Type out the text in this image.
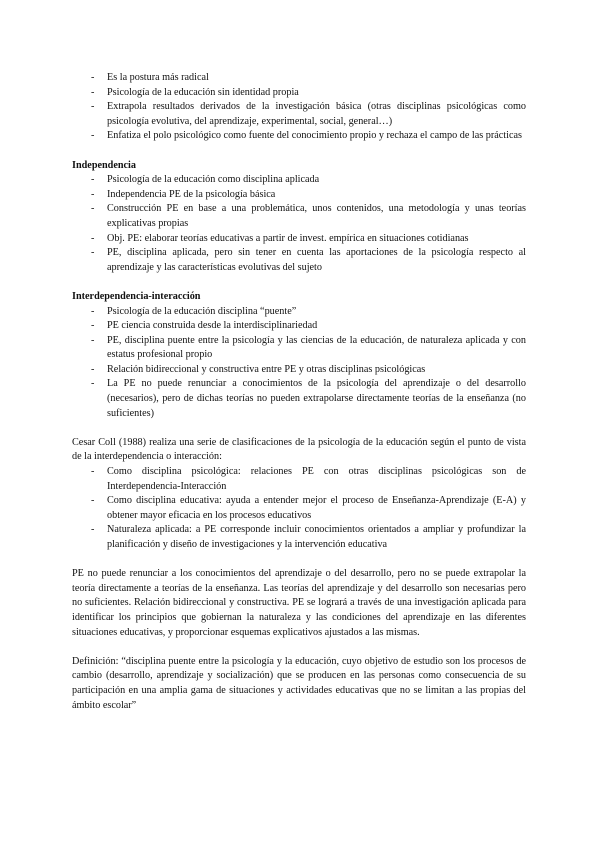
- Es la postura más radical
- Psicología de la educación sin identidad propia
- Extrapola resultados derivados de la investigación básica (otras disciplinas psicológicas como psicología evolutiva, del aprendizaje, experimental, social, general…)
- Enfatiza el polo psicológico como fuente del conocimiento propio y rechaza el campo de las prácticas

Independencia

- Psicología de la educación como disciplina aplicada
- Independencia PE de la psicología básica
- Construcción PE en base a una problemática, unos contenidos, una metodología y unas teorías explicativas propias
- Obj. PE: elaborar teorías educativas a partir de invest. empírica en situaciones cotidianas
- PE, disciplina aplicada, pero sin tener en cuenta las aportaciones de la psicología respecto al aprendizaje y las características evolutivas del sujeto

Interdependencia-interacción

- Psicología de la educación disciplina “puente”
- PE ciencia construida desde la interdisciplinariedad
- PE, disciplina puente entre la psicología y las ciencias de la educación, de naturaleza aplicada y con estatus profesional propio
- Relación bidireccional y constructiva entre PE y otras disciplinas psicológicas
- La PE no puede renunciar a conocimientos de la psicología del aprendizaje o del desarrollo (necesarios), pero de dichas teorías no pueden extrapolarse directamente teorías de la enseñanza (no suficientes)

Cesar Coll (1988) realiza una serie de clasificaciones de la psicología de la educación según el punto de vista de la interdependencia o interacción:

- Como disciplina psicológica: relaciones PE con otras disciplinas psicológicas son de Interdependencia-Interacción
- Como disciplina educativa: ayuda a entender mejor el proceso de Enseñanza-Aprendizaje (E-A) y obtener mayor eficacia en los procesos educativos
- Naturaleza aplicada: a PE corresponde incluir conocimientos orientados a ampliar y profundizar la planificación y diseño de investigaciones y la intervención educativa

PE no puede renunciar a los conocimientos del aprendizaje o del desarrollo, pero no se puede extrapolar la teoría directamente a teorías de la enseñanza. Las teorías del aprendizaje y del desarrollo son necesarias pero no suficientes. Relación bidireccional y constructiva. PE se logrará a través de una investigación aplicada para identificar los principios que gobiernan la naturaleza y las condiciones del aprendizaje en las diferentes situaciones educativas, y proporcionar esquemas explicativos ajustados a las mismas.

Definición: “disciplina puente entre la psicología y la educación, cuyo objetivo de estudio son los procesos de cambio (desarrollo, aprendizaje y socialización) que se producen en las personas como consecuencia de su participación en una amplia gama de situaciones y actividades educativas que no se limitan a las propias del ámbito escolar”
